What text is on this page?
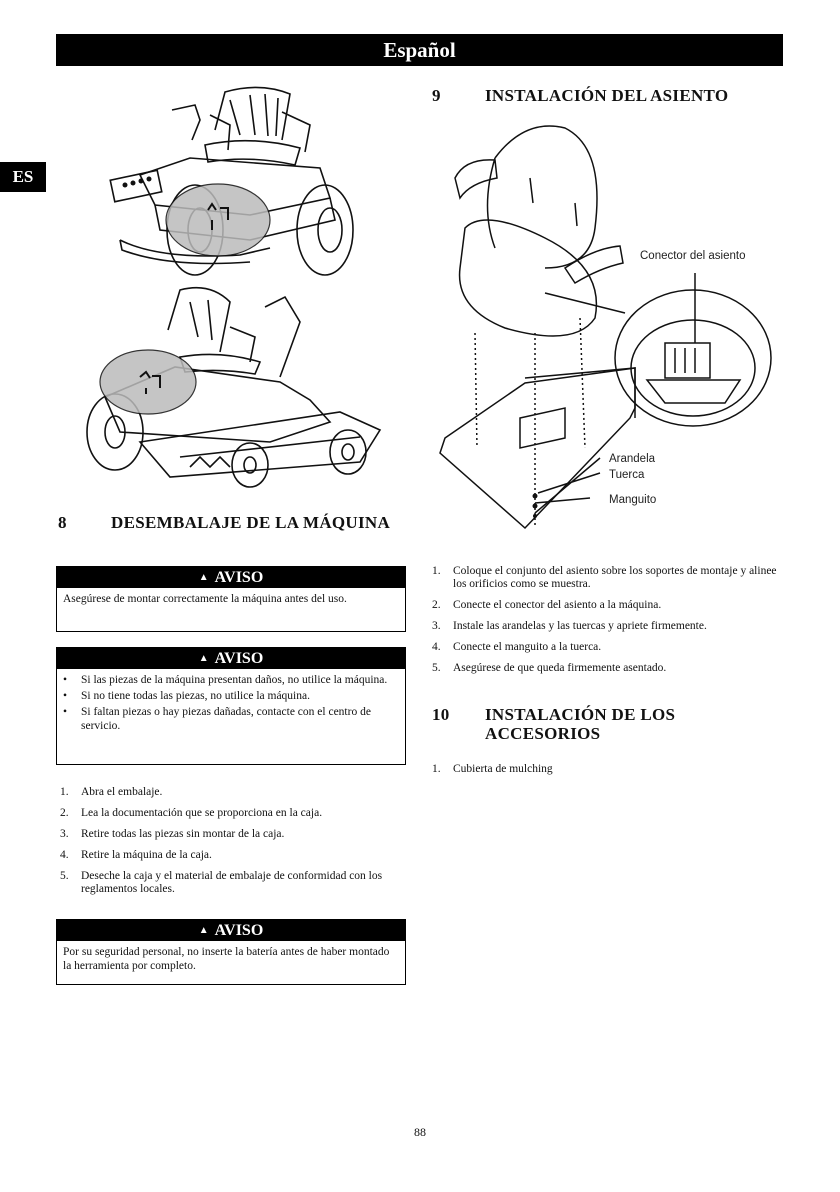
Español
ES
8	DESEMBALAJE DE LA MÁQUINA
▲ AVISO
Asegúrese de montar correctamente la máquina antes del uso.
▲ AVISO
• Si las piezas de la máquina presentan daños, no utilice la máquina.
• Si no tiene todas las piezas, no utilice la máquina.
• Si faltan piezas o hay piezas dañadas, contacte con el centro de servicio.
1. Abra el embalaje.
2. Lea la documentación que se proporciona en la caja.
3. Retire todas las piezas sin montar de la caja.
4. Retire la máquina de la caja.
5. Deseche la caja y el material de embalaje de conformidad con los reglamentos locales.
▲ AVISO
Por su seguridad personal, no inserte la batería antes de haber montado la herramienta por completo.
9	INSTALACIÓN DEL ASIENTO
Conector del asiento
Arandela
Tuerca
Manguito
1. Coloque el conjunto del asiento sobre los soportes de montaje y alinee los orificios como se muestra.
2. Conecte el conector del asiento a la máquina.
3. Instale las arandelas y las tuercas y apriete firmemente.
4. Conecte el manguito a la tuerca.
5. Asegúrese de que queda firmemente asentado.
10 INSTALACIÓN DE LOS ACCESORIOS
1. Cubierta de mulching
88
